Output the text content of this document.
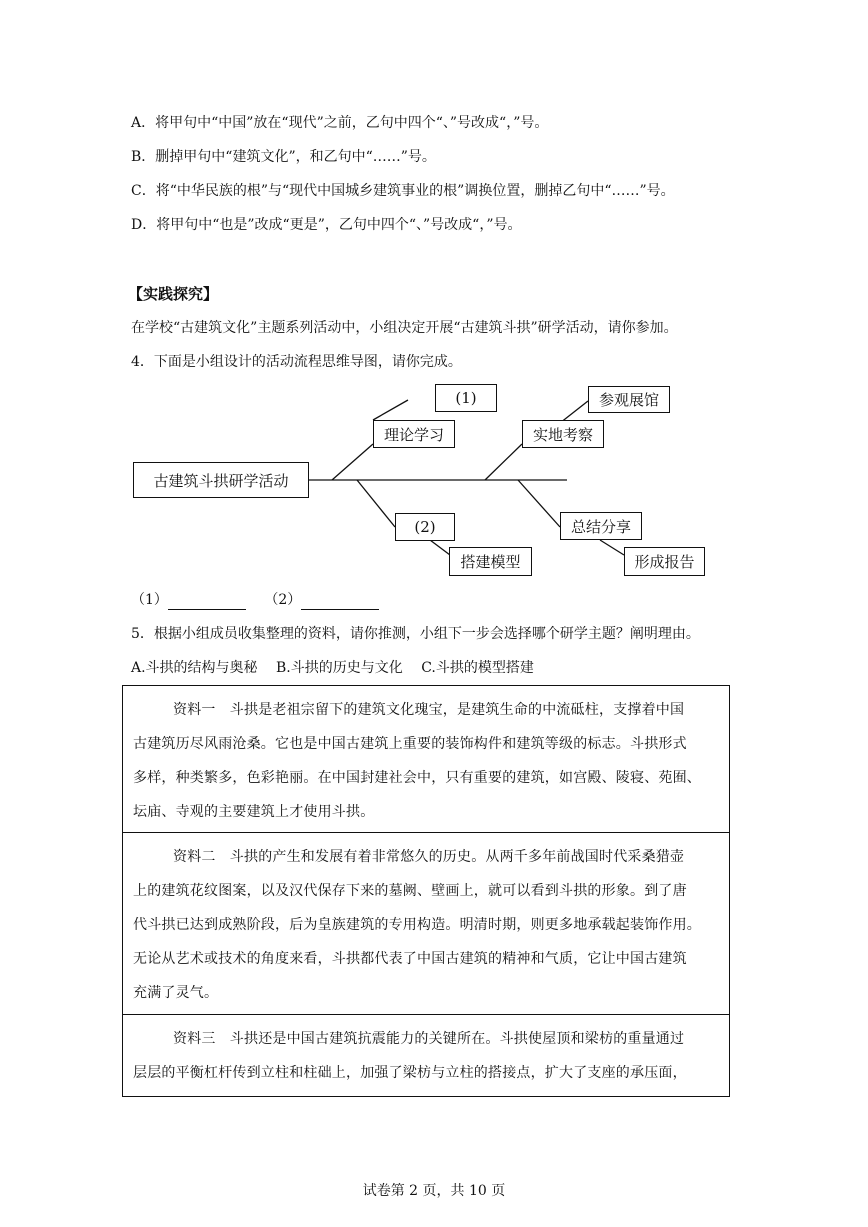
A．将甲句中“中国”放在“现代”之前，乙句中四个“、”号改成“，”号。
B．删掉甲句中“建筑文化”，和乙句中“……”号。
C．将“中华民族的根”与“现代中国城乡建筑事业的根”调换位置，删掉乙句中“……”号。
D．将甲句中“也是”改成“更是”，乙句中四个“、”号改成“，”号。
【实践探究】
在学校“古建筑文化”主题系列活动中，小组决定开展“古建筑斗拱”研学活动，请你参加。
4．下面是小组设计的活动流程思维导图，请你完成。
古建筑斗拱研学活动
理论学习
(1)
(2)
搭建模型
实地考察
参观展馆
总结分享
形成报告
（1）	（2）
5．根据小组成员收集整理的资料，请你推测，小组下一步会选择哪个研学主题？阐明理由。
A.斗拱的结构与奥秘 B.斗拱的历史与文化 C.斗拱的模型搭建
资料一　斗拱是老祖宗留下的建筑文化瑰宝，是建筑生命的中流砥柱，支撑着中国
古建筑历尽风雨沧桑。它也是中国古建筑上重要的装饰构件和建筑等级的标志。斗拱形式
多样，种类繁多，色彩艳丽。在中国封建社会中，只有重要的建筑，如宫殿、陵寝、苑囿、
坛庙、寺观的主要建筑上才使用斗拱。
资料二　斗拱的产生和发展有着非常悠久的历史。从两千多年前战国时代采桑猎壶
上的建筑花纹图案，以及汉代保存下来的墓阙、壁画上，就可以看到斗拱的形象。到了唐
代斗拱已达到成熟阶段，后为皇族建筑的专用构造。明清时期，则更多地承载起装饰作用。
无论从艺术或技术的角度来看，斗拱都代表了中国古建筑的精神和气质，它让中国古建筑
充满了灵气。
资料三　斗拱还是中国古建筑抗震能力的关键所在。斗拱使屋顶和梁枋的重量通过
层层的平衡杠杆传到立柱和柱础上，加强了梁枋与立柱的搭接点，扩大了支座的承压面，
试卷第 2 页，共 10 页
